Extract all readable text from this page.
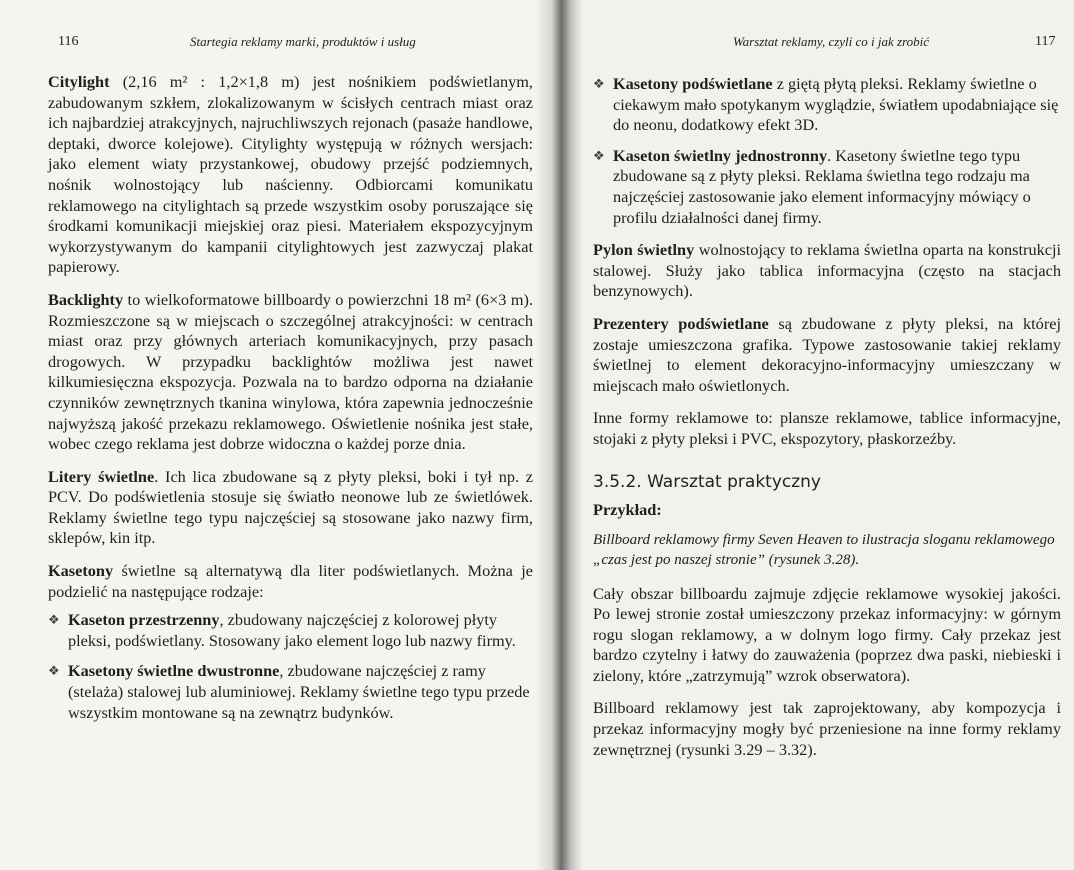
116	Startegia reklamy marki, produktów i usług

Citylight (2,16 m² : 1,2×1,8 m) jest nośnikiem podświetlanym, zabudowanym szkłem, zlokalizowanym w ścisłych centrach miast oraz ich najbardziej atrakcyjnych, najruchliwszych rejonach (pasaże handlowe, deptaki, dworce kolejowe). Citylighty występują w różnych wersjach: jako element wiaty przystankowej, obudowy przejść podziemnych, nośnik wolnostojący lub naścienny. Odbiorcami komunikatu reklamowego na citylightach są przede wszystkim osoby poruszające się środkami komunikacji miejskiej oraz piesi. Materiałem ekspozycyjnym wykorzystywanym do kampanii citylightowych jest zazwyczaj plakat papierowy.

Backlighty to wielkoformatowe billboardy o powierzchni 18 m² (6×3 m). Rozmieszczone są w miejscach o szczególnej atrakcyjności: w centrach miast oraz przy głównych arteriach komunikacyjnych, przy pasach drogowych. W przypadku backlightów możliwa jest nawet kilkumiesięczna ekspozycja. Pozwala na to bardzo odporna na działanie czynników zewnętrznych tkanina winylowa, która zapewnia jednocześnie najwyższą jakość przekazu reklamowego. Oświetlenie nośnika jest stałe, wobec czego reklama jest dobrze widoczna o każdej porze dnia.

Litery świetlne. Ich lica zbudowane są z płyty pleksi, boki i tył np. z PCV. Do podświetlenia stosuje się światło neonowe lub ze świetlówek. Reklamy świetlne tego typu najczęściej są stosowane jako nazwy firm, sklepów, kin itp.

Kasetony świetlne są alternatywą dla liter podświetlanych. Można je podzielić na następujące rodzaje:

❖ Kaseton przestrzenny, zbudowany najczęściej z kolorowej płyty pleksi, podświetlany. Stosowany jako element logo lub nazwy firmy.
❖ Kasetony świetlne dwustronne, zbudowane najczęściej z ramy (stelaża) stalowej lub aluminiowej. Reklamy świetlne tego typu przede wszystkim montowane są na zewnątrz budynków.
Warsztat reklamy, czyli co i jak zrobić	117
❖ Kasetony podświetlane z giętą płytą pleksi. Reklamy świetlne o ciekawym mało spotykanym wyglądzie, światłem upodabniające się do neonu, dodatkowy efekt 3D.
❖ Kaseton świetlny jednostronny. Kasetony świetlne tego typu zbudowane są z płyty pleksi. Reklama świetlna tego rodzaju ma najczęściej zastosowanie jako element informacyjny mówiący o profilu działalności danej firmy.

Pylon świetlny wolnostojący to reklama świetlna oparta na konstrukcji stalowej. Służy jako tablica informacyjna (często na stacjach benzynowych).

Prezentery podświetlane są zbudowane z płyty pleksi, na której zostaje umieszczona grafika. Typowe zastosowanie takiej reklamy świetlnej to element dekoracyjno-informacyjny umieszczany w miejscach mało oświetlonych.

Inne formy reklamowe to: plansze reklamowe, tablice informacyjne, stojaki z płyty pleksi i PVC, ekspozytory, płaskorzeźby.

3.5.2. Warsztat praktyczny
Przykład:
Billboard reklamowy firmy Seven Heaven to ilustracja sloganu reklamowego „czas jest po naszej stronie” (rysunek 3.28).

Cały obszar billboardu zajmuje zdjęcie reklamowe wysokiej jakości. Po lewej stronie został umieszczony przekaz informacyjny: w górnym rogu slogan reklamowy, a w dolnym logo firmy. Cały przekaz jest bardzo czytelny i łatwy do zauważenia (poprzez dwa paski, niebieski i zielony, które „zatrzymują” wzrok obserwatora).

Billboard reklamowy jest tak zaprojektowany, aby kompozycja i przekaz informacyjny mogły być przeniesione na inne formy reklamy zewnętrznej (rysunki 3.29 – 3.32).
